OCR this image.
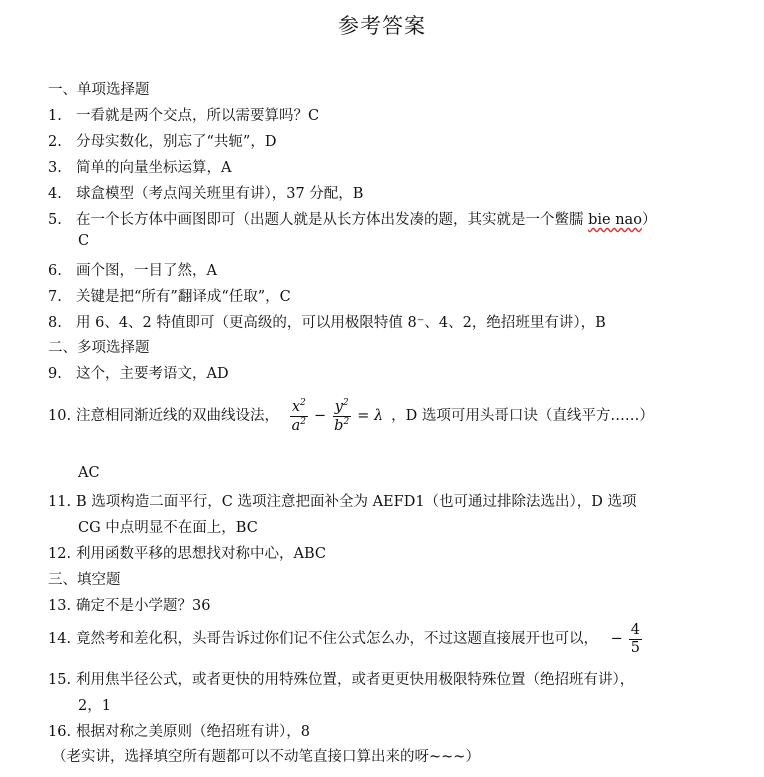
参考答案
一、单项选择题
1. 一看就是两个交点，所以需要算吗？C
2. 分母实数化，别忘了“共轭”，D
3. 简单的向量坐标运算，A
4. 球盒模型（考点闯关班里有讲），37 分配，B
5. 在一个长方体中画图即可（出题人就是从长方体出发凑的题，其实就是一个鳖臑 bie nao）
C
6. 画个图，一目了然，A
7. 关键是把“所有”翻译成“任取”，C
8. 用 6、4、2 特值即可（更高级的，可以用极限特值 8⁻、4、2，绝招班里有讲），B
二、多项选择题
9. 这个，主要考语文，AD
10. 注意相同渐近线的双曲线设法， $\frac{x^2}{a^2} - \frac{y^2}{b^2} = \lambda$ ，D 选项可用头哥口诀（直线平方……）
AC
11. B 选项构造二面平行，C 选项注意把面补全为 AEFD1（也可通过排除法选出），D 选项
CG 中点明显不在面上，BC
12. 利用函数平移的思想找对称中心，ABC
三、填空题
13. 确定不是小学题？36
14. 竟然考和差化积，头哥告诉过你们记不住公式怎么办，不过这题直接展开也可以， − $\frac{4}{5}$
15. 利用焦半径公式，或者更快的用特殊位置，或者更更快用极限特殊位置（绝招班有讲），
2，1
16. 根据对称之美原则（绝招班有讲），8
（老实讲，选择填空所有题都可以不动笔直接口算出来的呀~~~）
